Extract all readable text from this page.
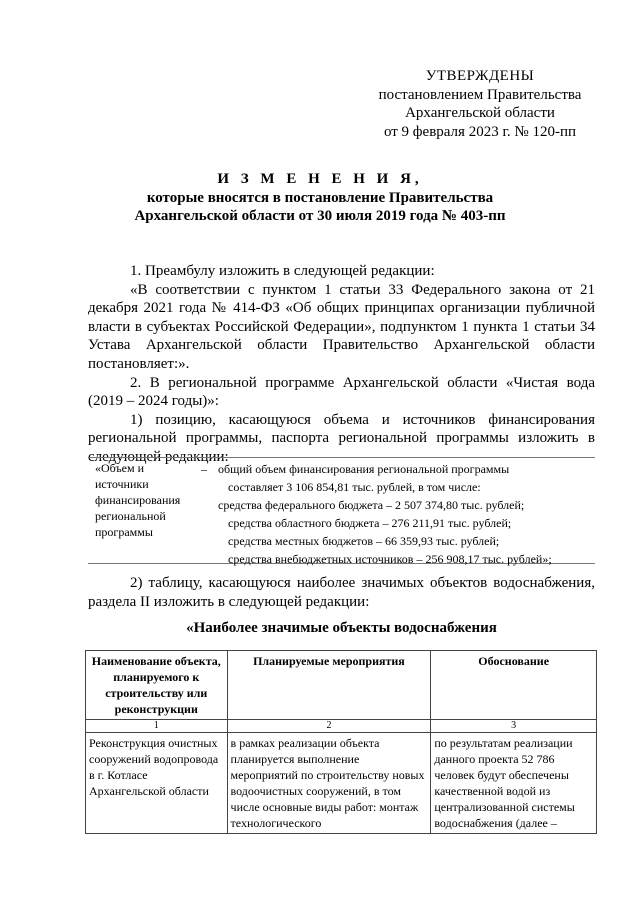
УТВЕРЖДЕНЫ
постановлением Правительства
Архангельской области
от 9 февраля 2023 г. № 120-пп
И З М Е Н Е Н И Я,
которые вносятся в постановление Правительства
Архангельской области от 30 июля 2019 года № 403-пп

1. Преамбулу изложить в следующей редакции:

«В соответствии с пунктом 1 статьи 33 Федерального закона от 21 декабря 2021 года № 414-ФЗ «Об общих принципах организации публичной власти в субъектах Российской Федерации», подпунктом 1 пункта 1 статьи 34 Устава Архангельской области Правительство Архангельской области постановляет:».

2. В региональной программе Архангельской области «Чистая вода (2019 – 2024 годы)»:

1) позицию, касающуюся объема и источников финансирования региональной программы, паспорта региональной программы изложить в следующей редакции:

«Объем и источники финансирования региональной программы
– общий объем финансирования региональной программы
составляет 3 106 854,81 тыс. рублей, в том числе:
средства федерального бюджета – 2 507 374,80 тыс. рублей;
средства областного бюджета – 276 211,91 тыс. рублей;
средства местных бюджетов – 66 359,93 тыс. рублей;
средства внебюджетных источников – 256 908,17 тыс. рублей»;

2) таблицу, касающуюся наиболее значимых объектов водоснабжения, раздела II изложить в следующей редакции:

«Наиболее значимые объекты водоснабжения
Наименование объекта, планируемого к строительству или реконструкции	Планируемые мероприятия	Обоснование
1	2	3
Реконструкция очистных сооружений водопровода в г. Котласе Архангельской области	в рамках реализации объекта планируется выполнение мероприятий по строительству новых водоочистных сооружений, в том числе основные виды работ: монтаж технологического	по результатам реализации данного проекта 52 786 человек будут обеспечены качественной водой из централизованной системы водоснабжения (далее –
